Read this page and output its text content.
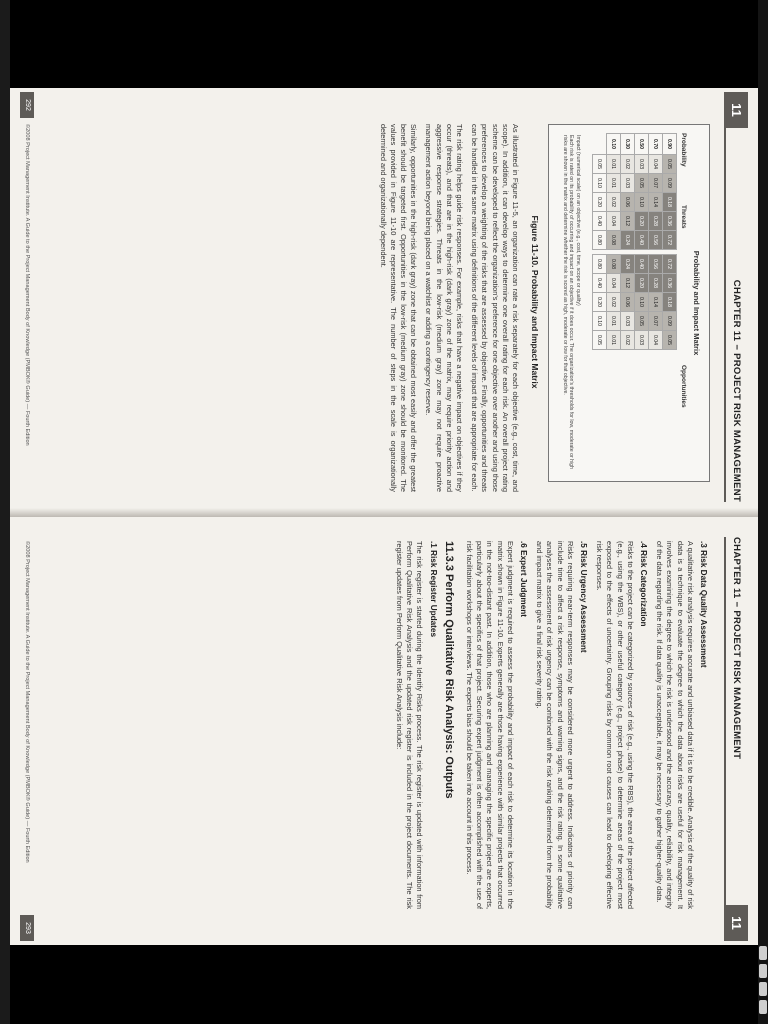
11
CHAPTER 11 − PROJECT RISK MANAGEMENT
Probability and Impact Matrix
Probability
Threats
Opportunities
0.90	0.05	0.09	0.18	0.36	0.72		0.72	0.36	0.18	0.09	0.05
0.70	0.04	0.07	0.14	0.28	0.56		0.56	0.28	0.14	0.07	0.04
0.50	0.03	0.05	0.10	0.20	0.40		0.40	0.20	0.10	0.05	0.03
0.30	0.02	0.03	0.06	0.12	0.24		0.24	0.12	0.06	0.03	0.02
0.10	0.01	0.01	0.02	0.04	0.08		0.08	0.04	0.02	0.01	0.01
	0.05	0.10	0.20	0.40	0.80		0.80	0.40	0.20	0.10	0.05
Impact (numerical scale) on an objective (e.g., cost, time, scope or quality)
Each risk is rated on its probability of occurring and impact on an objective if it does occur. The organization's thresholds for low, moderate or high risks are shown in the matrix and determine whether the risk is scored as high, moderate or low for that objective.
Figure 11-10. Probability and Impact Matrix

As illustrated in Figure 11-5, an organization can rate a risk separately for each objective (e.g., cost, time, and scope). In addition, it can develop ways to determine one overall rating for each risk. An overall project rating scheme can be developed to reflect the organization's preference for one objective over another and using those preferences to develop a weighting of the risks that are assessed by objective. Finally, opportunities and threats can be handled in the same matrix using definitions of the different levels of impact that are appropriate for each.

The risk rating helps guide risk responses. For example, risks that have a negative impact on objectives if they occur (threats), and that are in the high-risk (dark gray) zone of the matrix, may require priority action and aggressive response strategies. Threats in the low-risk (medium gray) zone may not require proactive management action beyond being placed on a watchlist or adding a contingency reserve.

Similarly, opportunities in the high-risk (dark gray) zone that can be obtained most easily and offer the greatest benefit should be targeted first. Opportunities in the low-risk (medium gray) zone should be monitored. The values provided in Figure 11-10 are representative. The number of steps in the scale is organizationally determined and organizationally dependent.

©2008 Project Management Institute. A Guide to the Project Management Body of Knowledge (PMBOK® Guide) — Fourth Edition
292
CHAPTER 11 − PROJECT RISK MANAGEMENT
11
.3 Risk Data Quality Assessment

A qualitative risk analysis requires accurate and unbiased data if it is to be credible. Analysis of the quality of risk data is a technique to evaluate the degree to which the data about risks are useful for risk management. It involves examining the degree to which the risk is understood and the accuracy, quality, reliability, and integrity of the data regarding the risk. If data quality is unacceptable, it may be necessary to gather higher-quality data.

.4 Risk Categorization

Risks to the project can be categorized by sources of risk (e.g., using the RBS), the area of the project affected (e.g., using the WBS), or other useful category (e.g., project phase) to determine areas of the project most exposed to the effects of uncertainty. Grouping risks by common root causes can lead to developing effective risk responses.

.5 Risk Urgency Assessment

Risks requiring near-term responses may be considered more urgent to address. Indicators of priority can include time to affect a risk response, symptoms and warning signs, and the risk rating. In some qualitative analyses the assessment of risk urgency can be combined with the risk ranking determined from the probability and impact matrix to give a final risk severity rating.

.6 Expert Judgment

Expert judgment is required to assess the probability and impact of each risk to determine its location in the matrix shown in Figure 11-10. Experts generally are those having experience with similar projects that occurred in the not-too-distant past. In addition, those who are planning and managing the specific project are experts, particularly about the specifics of that project. Securing expert judgment is often accomplished with the use of risk facilitation workshops or interviews. The experts bias should be taken into account in this process.

11.3.3 Perform Qualitative Risk Analysis: Outputs
.1 Risk Register Updates

The risk register is started during the Identify Risks process. The risk register is updated with information from Perform Qualitative Risk Analysis and the updated risk register is included in the project documents. The risk register updates from Perform Qualitative Risk Analysis include:

©2008 Project Management Institute. A Guide to the Project Management Body of Knowledge (PMBOK® Guide) — Fourth Edition
293
